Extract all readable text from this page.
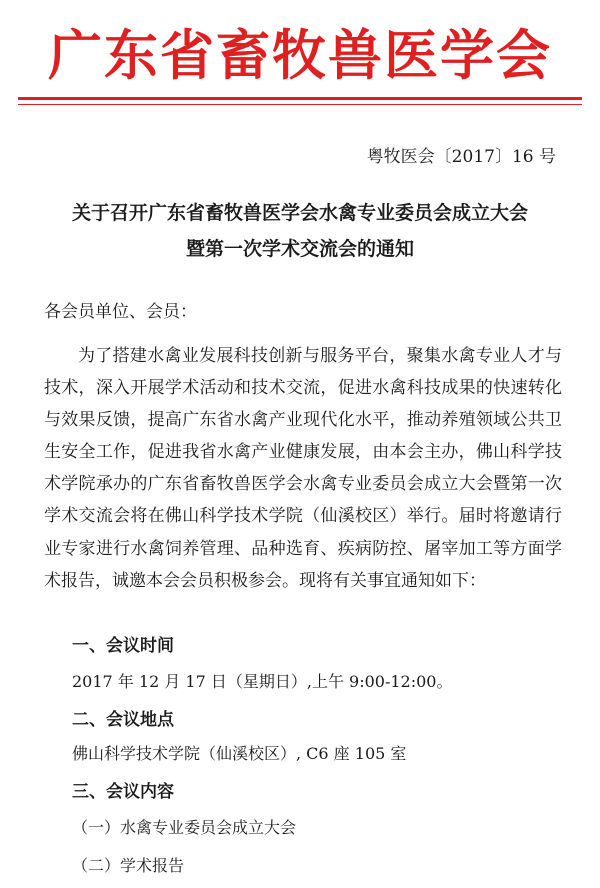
广东省畜牧兽医学会
粤牧医会〔2017〕16 号
关于召开广东省畜牧兽医学会水禽专业委员会成立大会
暨第一次学术交流会的通知
各会员单位、会员：
为了搭建水禽业发展科技创新与服务平台，聚集水禽专业人才与技术，深入开展学术活动和技术交流，促进水禽科技成果的快速转化与效果反馈，提高广东省水禽产业现代化水平，推动养殖领域公共卫生安全工作，促进我省水禽产业健康发展，由本会主办，佛山科学技术学院承办的广东省畜牧兽医学会水禽专业委员会成立大会暨第一次学术交流会将在佛山科学技术学院（仙溪校区）举行。届时将邀请行业专家进行水禽饲养管理、品种选育、疾病防控、屠宰加工等方面学术报告，诚邀本会会员积极参会。现将有关事宜通知如下：
一、会议时间
2017 年 12 月 17 日（星期日）,上午 9:00-12:00。
二、会议地点
佛山科学技术学院（仙溪校区）, C6 座 105 室
三、会议内容
（一）水禽专业委员会成立大会
（二）学术报告
